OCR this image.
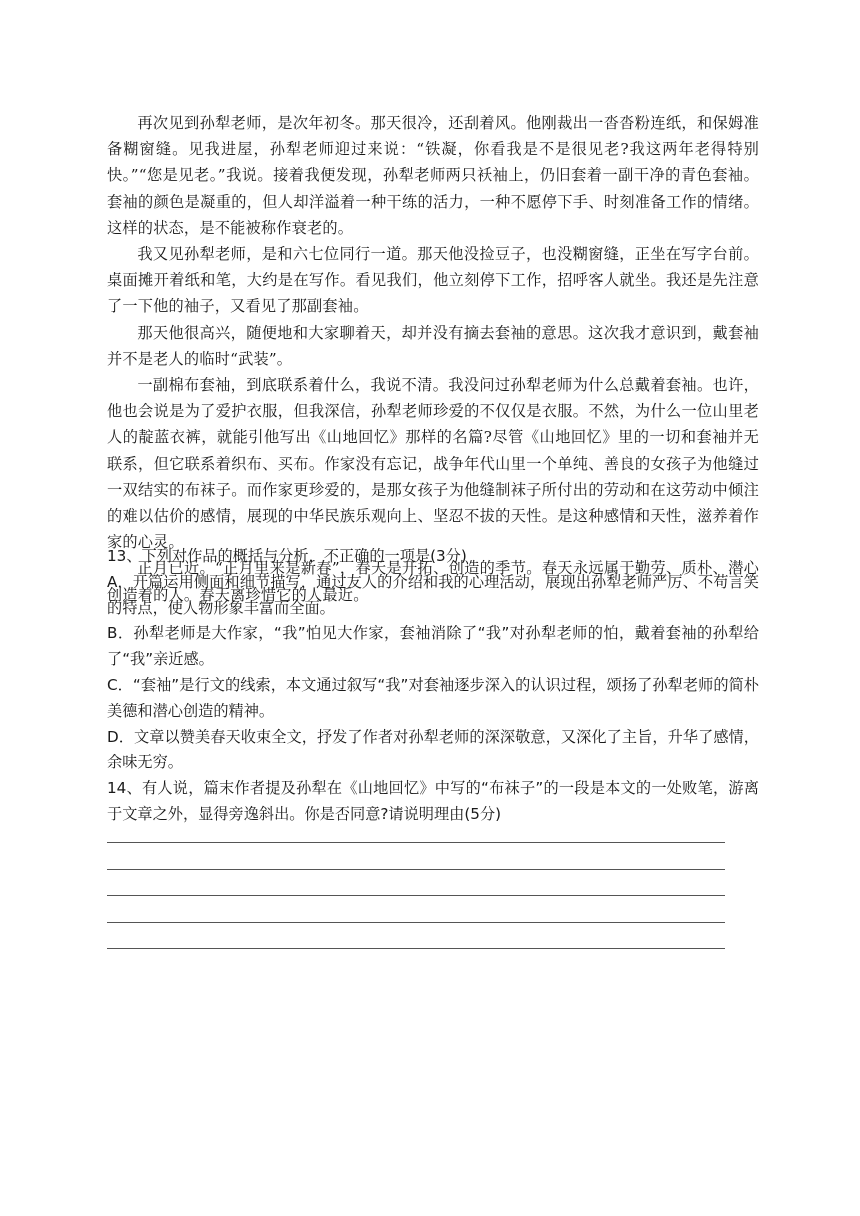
再次见到孙犁老师，是次年初冬。那天很冷，还刮着风。他刚裁出一沓沓粉连纸，和保姆准备糊窗缝。见我进屋，孙犁老师迎过来说：“铁凝，你看我是不是很见老?我这两年老得特别快。”“您是见老。”我说。接着我便发现，孙犁老师两只袄袖上，仍旧套着一副干净的青色套袖。套袖的颜色是凝重的，但人却洋溢着一种干练的活力，一种不愿停下手、时刻准备工作的情绪。这样的状态，是不能被称作衰老的。

我又见孙犁老师，是和六七位同行一道。那天他没捡豆子，也没糊窗缝，正坐在写字台前。桌面摊开着纸和笔，大约是在写作。看见我们，他立刻停下工作，招呼客人就坐。我还是先注意了一下他的袖子，又看见了那副套袖。

那天他很高兴，随便地和大家聊着天，却并没有摘去套袖的意思。这次我才意识到，戴套袖并不是老人的临时“武装”。

一副棉布套袖，到底联系着什么，我说不清。我没问过孙犁老师为什么总戴着套袖。也许，他也会说是为了爱护衣服，但我深信，孙犁老师珍爱的不仅仅是衣服。不然，为什么一位山里老人的靛蓝衣裤，就能引他写出《山地回忆》那样的名篇?尽管《山地回忆》里的一切和套袖并无联系，但它联系着织布、买布。作家没有忘记，战争年代山里一个单纯、善良的女孩子为他缝过一双结实的布袜子。而作家更珍爱的，是那女孩子为他缝制袜子所付出的劳动和在这劳动中倾注的难以估价的感情，展现的中华民族乐观向上、坚忍不拔的天性。是这种感情和天性，滋养着作家的心灵。

正月已近。“正月里来是新春”，春天是开拓、创造的季节。春天永远属于勤劳、质朴、潜心创造着的人。春天离珍惜它的人最近。

13、下列对作品的概括与分析，不正确的一项是(3分)

A．开篇运用侧面和细节描写，通过友人的介绍和我的心理活动，展现出孙犁老师严厉、不苟言笑的特点，使人物形象丰富而全面。

B．孙犁老师是大作家，“我”怕见大作家，套袖消除了“我”对孙犁老师的怕，戴着套袖的孙犁给了“我”亲近感。

C．“套袖”是行文的线索，本文通过叙写“我”对套袖逐步深入的认识过程，颂扬了孙犁老师的简朴美德和潜心创造的精神。

D．文章以赞美春天收束全文，抒发了作者对孙犁老师的深深敬意，又深化了主旨，升华了感情，余味无穷。

14、有人说，篇末作者提及孙犁在《山地回忆》中写的“布袜子”的一段是本文的一处败笔，游离于文章之外，显得旁逸斜出。你是否同意?请说明理由(5分)
